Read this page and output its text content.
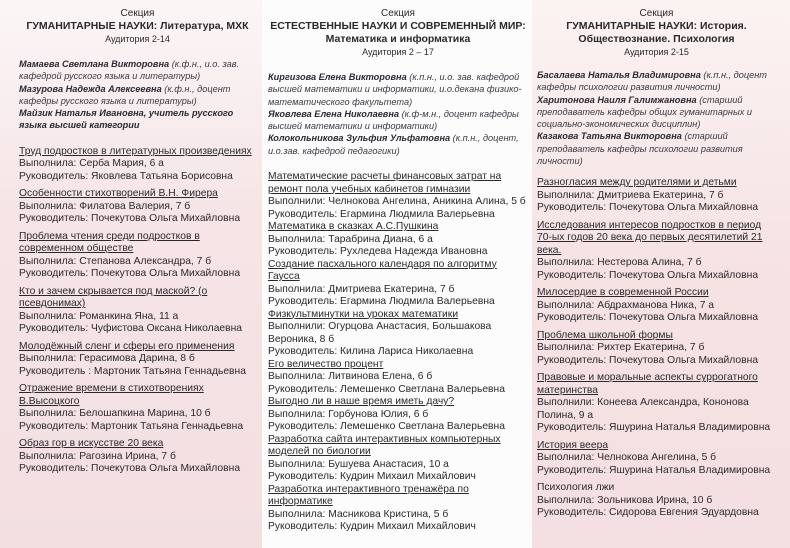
Секция
ГУМАНИТАРНЫЕ НАУКИ: Литература, МХК
Аудитория 2-14
Мамаева Светлана Викторовна (к.ф.н., и.о. зав. кафедрой русского языка и литературы)
Мазурова Надежда Алексеевна (к.ф.н., доцент кафедры русского языка и литературы)
Майзик Наталья Ивановна, учитель русского языка высшей категории
Труд подростков в литературных произведениях
Выполнила: Серба Мария, 6 а
Руководитель: Яковлева Татьяна Борисовна
Особенности стихотворений В.Н. Фирера
Выполнила: Филатова Валерия, 7 б
Руководитель: Почекутова Ольга Михайловна
Проблема чтения среди подростков в современном обществе
Выполнила: Степанова Александра, 7 б
Руководитель: Почекутова Ольга Михайловна
Кто и зачем скрывается под маской? (о псевдонимах)
Выполнила: Романкина Яна, 11 а
Руководитель: Чуфистова Оксана Николаевна
Молодёжный сленг и сферы его применения
Выполнила: Герасимова Дарина, 8 б
Руководитель : Мартоник Татьяна Геннадьевна
Отражение времени в стихотворениях В.Высоцкого
Выполнила: Белошапкина Марина, 10 б
Руководитель: Мартоник Татьяна Геннадьевна
Образ гор в искусстве 20 века
Выполнила: Рагозина Ирина, 7 б
Руководитель: Почекутова Ольга Михайловна
Секция
ЕСТЕСТВЕННЫЕ НАУКИ И СОВРЕМЕННЫЙ МИР:
Математика и информатика
Аудитория 2 – 17
Киргизова Елена Викторовна (к.п.н., и.о. зав. кафедрой высшей математики и информатики, и.о.декана физико-математического факультета)
Яковлева Елена Николаевна (к.ф-м.н., доцент кафедры высшей математики и информатики)
Колокольникова Зульфия Ульфатовна (к.п.н., доцент, и.о.зав. кафедрой педагогики)
Математические расчеты финансовых затрат на ремонт пола учебных кабинетов гимназии
Выполнили: Челнокова Ангелина, Аникина Алина, 5 б
Руководитель: Егармина Людмила Валерьевна
Математика в сказках А.С.Пушкина
Выполнила: Тарабрина Диана, 6 а
Руководитель: Рухледева Надежда Ивановна
Создание пасхального календаря по алгоритму Гаусса
Выполнила: Дмитриева Екатерина, 7 б
Руководитель: Егармина Людмила Валерьевна
Физкультминутки на уроках математики
Выполнили: Огурцова Анастасия, Большакова Вероника, 8 б
Руководитель: Килина Лариса Николаевна
Его величество процент
Выполнила: Литвинова Елена, 6 б
Руководитель: Лемешенко Светлана Валерьевна
Выгодно ли в наше время иметь дачу?
Выполнила: Горбунова Юлия, 6 б
Руководитель: Лемешенко Светлана Валерьевна
Разработка сайта интерактивных компьютерных моделей по биологии
Выполнила: Бушуева Анастасия, 10 а
Руководитель: Кудрин Михаил Михайлович
Разработка интерактивного тренажёра по информатике
Выполнила: Масникова Кристина, 5 б
Руководитель: Кудрин Михаил Михайлович
Секция
ГУМАНИТАРНЫЕ НАУКИ: История.
Обществознание. Психология
Аудитория 2-15
Басалаева Наталья Владимировна (к.п.н., доцент кафедры психологии развития личности)
Харитонова Наиля Галимжановна (старший преподаватель кафедры общих гуманитарных и социально-экономических дисциплин)
Казакова Татьяна Викторовна (старший преподаватель кафедры психологии развития личности)
Разногласия между родителями и детьми
Выполнила: Дмитриева Екатерина, 7 б
Руководитель: Почекутова Ольга Михайловна
Исследования интересов подростков в период 70-ых годов 20 века до первых десятилетий 21 века.
Выполнила: Нестерова Алина, 7 б
Руководитель: Почекутова Ольга Михайловна
Милосердие в современной России
Выполнила: Абдрахманова Ника, 7 а
Руководитель: Почекутова Ольга Михайловна
Проблема школьной формы
Выполнила: Рихтер Екатерина, 7 б
Руководитель: Почекутова Ольга Михайловна
Правовые и моральные аспекты суррогатного материнства
Выполнили: Конеева Александра, Кононова Полина, 9 а
Руководитель: Яшурина Наталья Владимировна
История веера
Выполнила: Челнокова Ангелина, 5 б
Руководитель: Яшурина Наталья Владимировна
Психология лжи
Выполнила: Зольникова Ирина, 10 б
Руководитель: Сидорова Евгения Эдуардовна
